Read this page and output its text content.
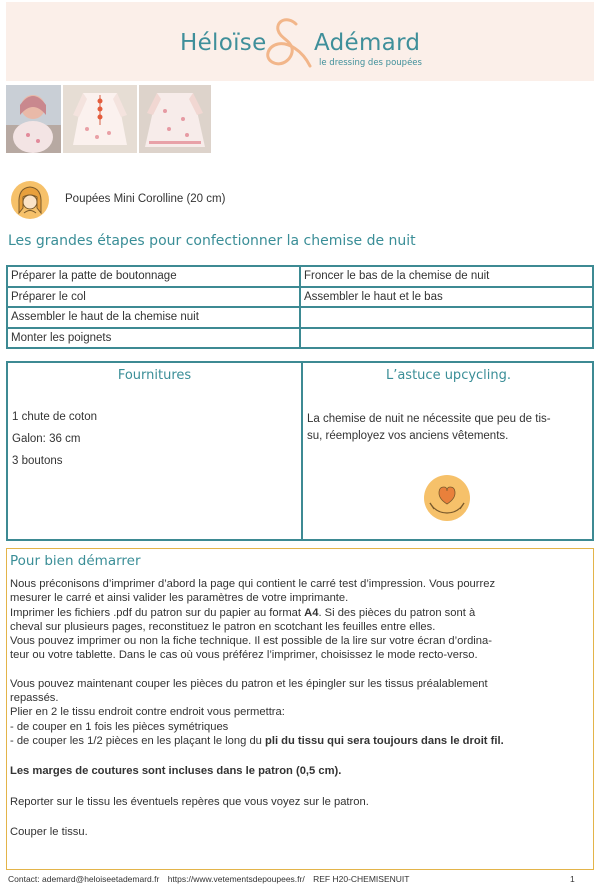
Héloïse Adémard
le dressing des poupées
Poupées Mini Corolline (20 cm)
Les grandes étapes pour confectionner la chemise de nuit
Préparer la patte de boutonnage	Froncer le bas de la chemise de nuit
Préparer le col	Assembler le haut et le bas
Assembler le haut de la chemise nuit	
Monter les poignets	
Fournitures	L’astuce upcycling.
1 chute de coton
Galon: 36 cm
3 boutons
La chemise de nuit ne nécessite que peu de tis-
su, réemployez vos anciens vêtements.
Pour bien démarrer

Nous préconisons d’imprimer d’abord la page qui contient le carré test d’impression. Vous pourrez

mesurer le carré et ainsi valider les paramètres de votre imprimante.

Imprimer les fichiers .pdf du patron sur du papier au format A4. Si des pièces du patron sont à

cheval sur plusieurs pages, reconstituez le patron en scotchant les feuilles entre elles.

Vous pouvez imprimer ou non la fiche technique. Il est possible de la lire sur votre écran d’ordina-

teur ou votre tablette. Dans le cas où vous préférez l’imprimer, choisissez le mode recto-verso.

Vous pouvez maintenant couper les pièces du patron et les épingler sur les tissus préalablement

repassés.

Plier en 2 le tissu endroit contre endroit vous permettra:

- de couper en 1 fois les pièces symétriques

- de couper les 1/2 pièces en les plaçant le long du pli du tissu qui sera toujours dans le droit fil.

Les marges de coutures sont incluses dans le patron (0,5 cm).

Reporter sur le tissu les éventuels repères que vous voyez sur le patron.

Couper le tissu.

Contact: ademard@heloiseetademard.fr https://www.vetementsdepoupees.fr/ REF H20-CHEMISENUIT	1
